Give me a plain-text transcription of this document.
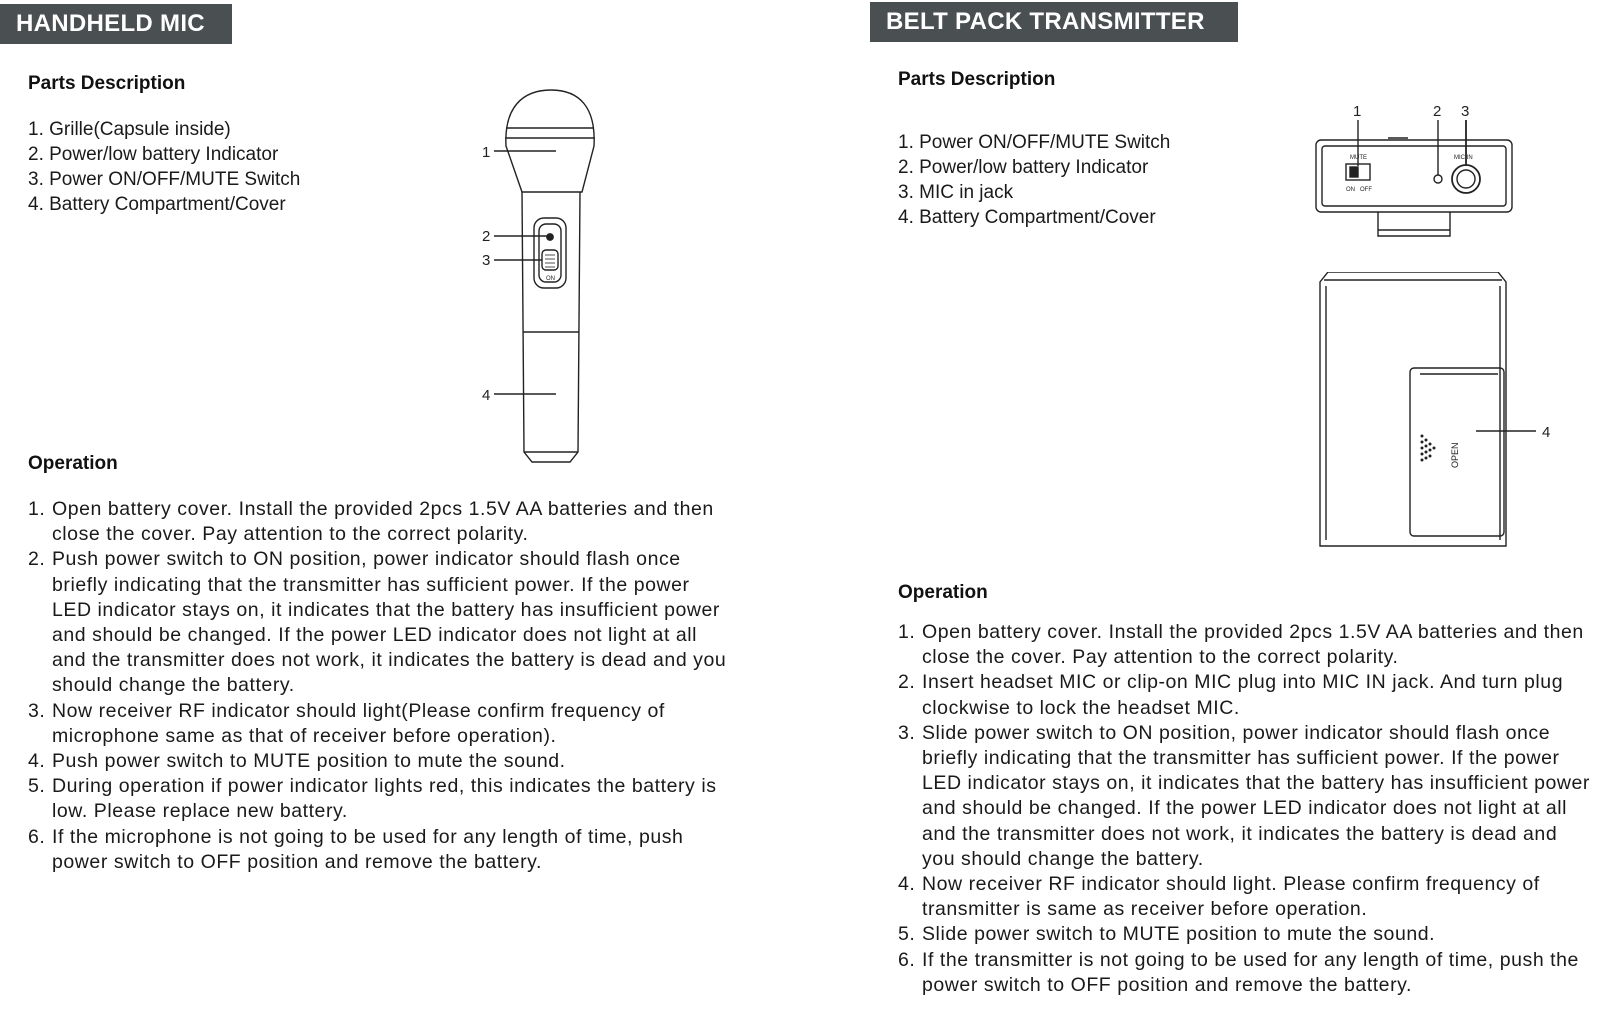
HANDHELD MIC
Parts Description
1. Grille(Capsule inside)
2. Power/low battery Indicator
3. Power ON/OFF/MUTE Switch
4. Battery Compartment/Cover
ON
1
2
3
4
Operation
1. Open battery cover. Install the provided 2pcs 1.5V AA batteries and then close the cover. Pay attention to the correct polarity.
2. Push power switch to ON position, power indicator should flash once briefly indicating that the transmitter has sufficient power. If the power LED indicator stays on, it indicates that the battery has insufficient power and should be changed. If the power LED indicator does not light at all and the transmitter does not work, it indicates the battery is dead and you should change the battery.
3. Now receiver RF indicator should light(Please confirm frequency of microphone same as that of receiver before operation).
4. Push power switch to MUTE position to mute the sound.
5. During operation if power indicator lights red, this indicates the battery is low. Please replace new battery.
6. If the microphone is not going to be used for any length of time, push power switch to OFF position and remove the battery.
BELT PACK TRANSMITTER
Parts Description
1. Power ON/OFF/MUTE Switch
2. Power/low battery Indicator
3. MIC in jack
4. Battery Compartment/Cover
MUTE
ON OFF
MIC IN
1	2 3
OPEN
4
Operation
1. Open battery cover. Install the provided 2pcs 1.5V AA batteries and then close the cover. Pay attention to the correct polarity.
2. Insert headset MIC or clip-on MIC plug into MIC IN jack. And turn plug clockwise to lock the headset MIC.
3. Slide power switch to ON position, power indicator should flash once briefly indicating that the transmitter has sufficient power. If the power LED indicator stays on, it indicates that the battery has insufficient power and should be changed. If the power LED indicator does not light at all and the transmitter does not work, it indicates the battery is dead and you should change the battery.
4. Now receiver RF indicator should light. Please confirm frequency of transmitter is same as receiver before operation.
5. Slide power switch to MUTE position to mute the sound.
6. If the transmitter is not going to be used for any length of time, push the power switch to OFF position and remove the battery.
